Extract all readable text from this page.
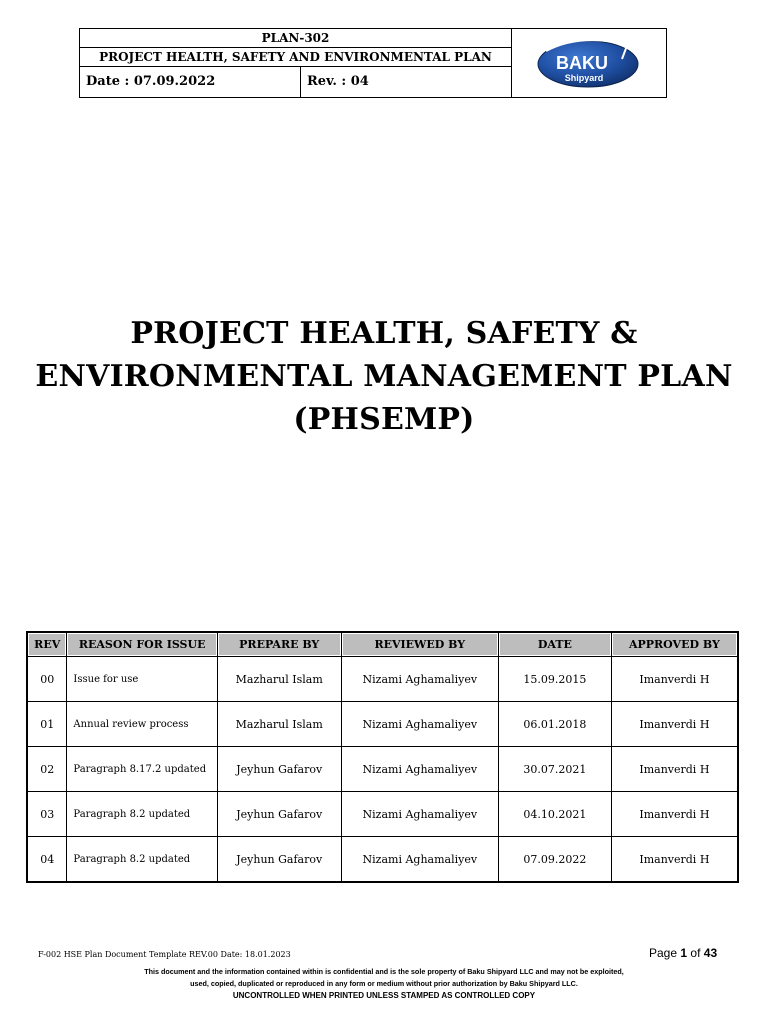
PLAN-302
PROJECT HEALTH, SAFETY AND ENVIRONMENTAL PLAN
Date : 07.09.2022	Rev. : 04
BAKU
Shipyard
PROJECT HEALTH, SAFETY &
ENVIRONMENTAL MANAGEMENT PLAN
(PHSEMP)
REV	REASON FOR ISSUE	PREPARE BY	REVIEWED BY	DATE	APPROVED BY
00	Issue for use	Mazharul Islam	Nizami Aghamaliyev	15.09.2015	Imanverdi H
01	Annual review process	Mazharul Islam	Nizami Aghamaliyev	06.01.2018	Imanverdi H
02	Paragraph 8.17.2 updated	Jeyhun Gafarov	Nizami Aghamaliyev	30.07.2021	Imanverdi H
03	Paragraph 8.2 updated	Jeyhun Gafarov	Nizami Aghamaliyev	04.10.2021	Imanverdi H
04	Paragraph 8.2 updated	Jeyhun Gafarov	Nizami Aghamaliyev	07.09.2022	Imanverdi H
F-002 HSE Plan Document Template REV.00 Date: 18.01.2023	Page 1 of 43
This document and the information contained within is confidential and is the sole property of Baku Shipyard LLC and may not be exploited,
used, copied, duplicated or reproduced in any form or medium without prior authorization by Baku Shipyard LLC.
UNCONTROLLED WHEN PRINTED UNLESS STAMPED AS CONTROLLED COPY
